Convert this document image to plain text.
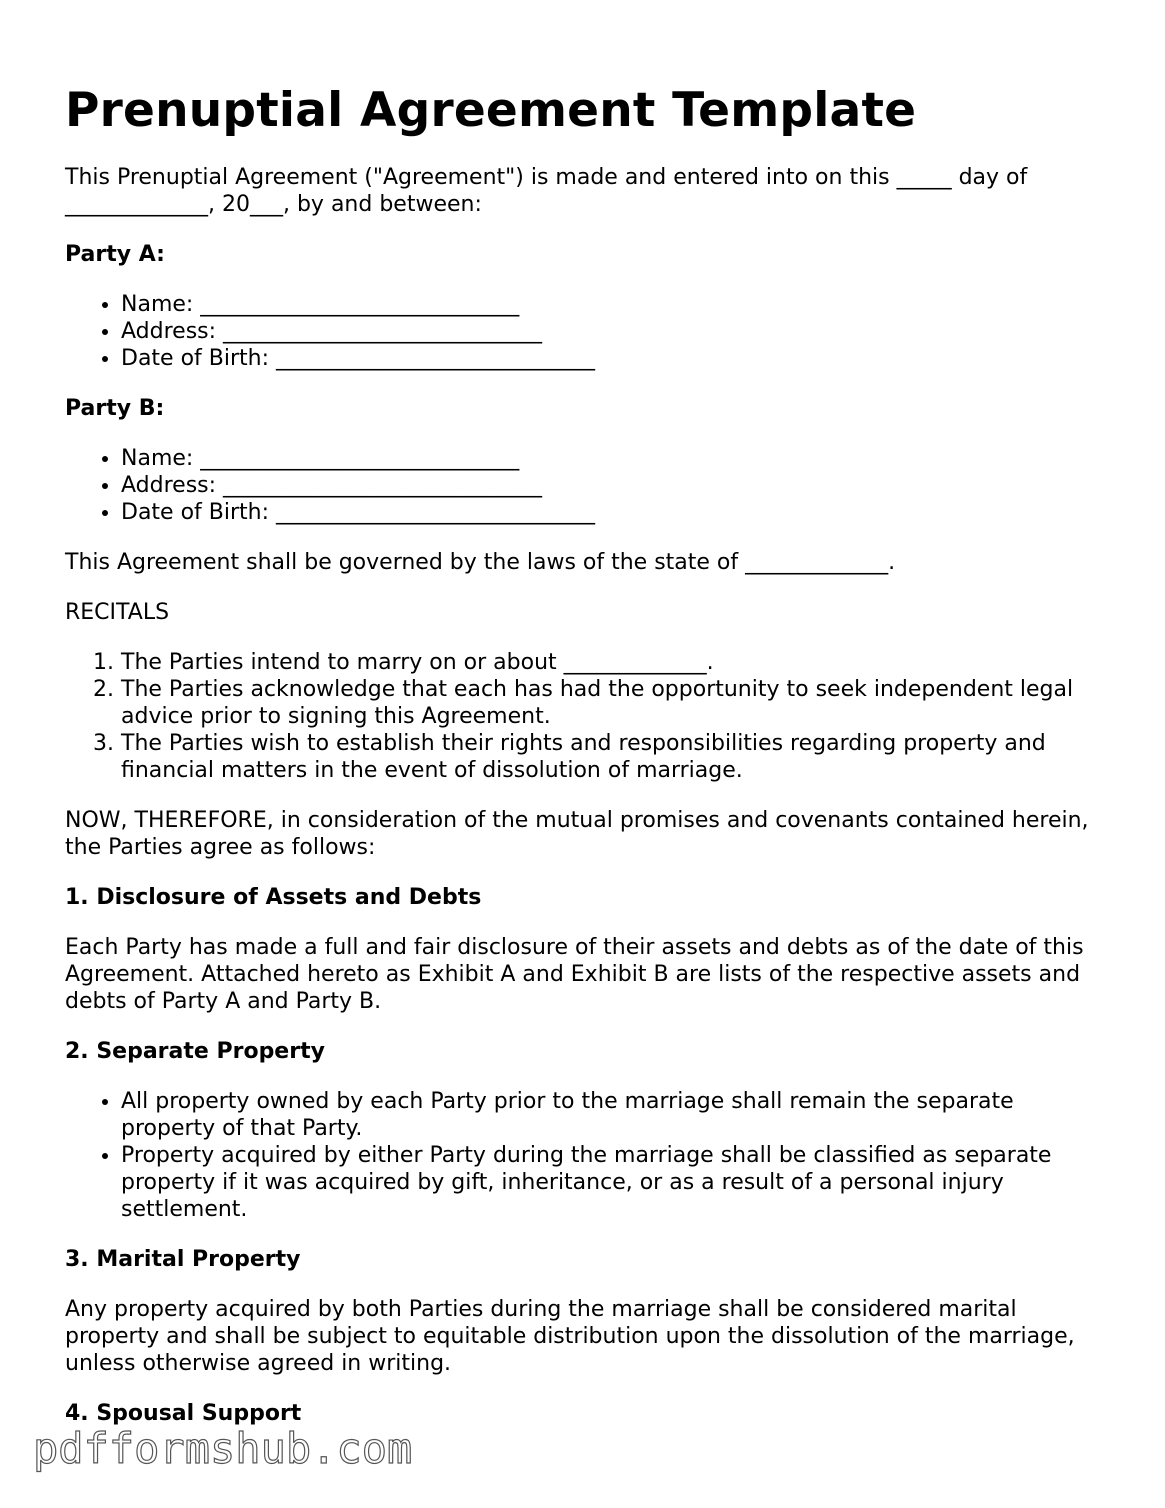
Prenuptial Agreement Template

This Prenuptial Agreement ("Agreement") is made and entered into on this _____ day of _____________, 20___, by and between:

Party A:

• Name: _____________________________
• Address: _____________________________
• Date of Birth: _____________________________

Party B:

• Name: _____________________________
• Address: _____________________________
• Date of Birth: _____________________________

This Agreement shall be governed by the laws of the state of _____________.

RECITALS

1. The Parties intend to marry on or about _____________.
2. The Parties acknowledge that each has had the opportunity to seek independent legal advice prior to signing this Agreement.
3. The Parties wish to establish their rights and responsibilities regarding property and financial matters in the event of dissolution of marriage.

NOW, THEREFORE, in consideration of the mutual promises and covenants contained herein, the Parties agree as follows:

1. Disclosure of Assets and Debts

Each Party has made a full and fair disclosure of their assets and debts as of the date of this Agreement. Attached hereto as Exhibit A and Exhibit B are lists of the respective assets and debts of Party A and Party B.

2. Separate Property

• All property owned by each Party prior to the marriage shall remain the separate property of that Party.
• Property acquired by either Party during the marriage shall be classified as separate property if it was acquired by gift, inheritance, or as a result of a personal injury settlement.

3. Marital Property

Any property acquired by both Parties during the marriage shall be considered marital property and shall be subject to equitable distribution upon the dissolution of the marriage, unless otherwise agreed in writing.

4. Spousal Support

pdfformshub.com
